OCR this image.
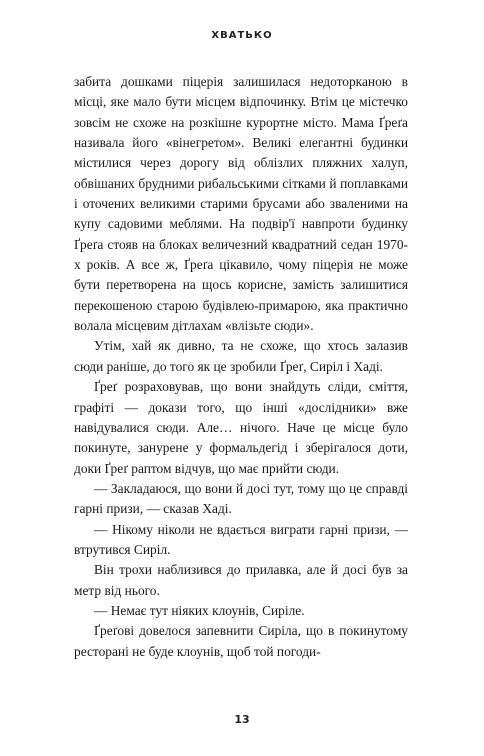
ХВАТЬКО

забита дошками піцерія залишилася недоторканою в місці, яке мало бути місцем відпочинку. Втім це містечко зовсім не схоже на розкішне курортне місто. Мама Ґреґа називала його «вінегретом». Великі елегантні будинки містилися через дорогу від облізлих пляжних халуп, обвішаних брудними рибальськими сітками й поплавками і оточених великими старими брусами або зваленими на купу садовими меблями. На подвір'ї навпроти будинку Ґреґа стояв на блоках величезний квадратний седан 1970-х років. А все ж, Ґреґа цікавило, чому піцерія не може бути перетворена на щось корисне, замість залишитися перекошеною старою будівлею-примарою, яка практично волала місцевим дітлахам «влізьте сюди».

Утім, хай як дивно, та не схоже, що хтось залазив сюди раніше, до того як це зробили Ґреґ, Сиріл і Хаді.

Ґреґ розраховував, що вони знайдуть сліди, сміття, графіті — докази того, що інші «дослідники» вже навідувалися сюди. Але… нічого. Наче це місце було покинуте, занурене у формальдегід і зберігалося доти, доки Ґреґ раптом відчув, що має прийти сюди.

— Закладаюся, що вони й досі тут, тому що це справді гарні призи, — сказав Хаді.

— Нікому ніколи не вдається виграти гарні призи, — втрутився Сиріл.

Він трохи наблизився до прилавка, але й досі був за метр від нього.

— Немає тут ніяких клоунів, Сиріле.

Ґреґові довелося запевнити Сиріла, що в покинутому ресторані не буде клоунів, щоб той погоди-

13
